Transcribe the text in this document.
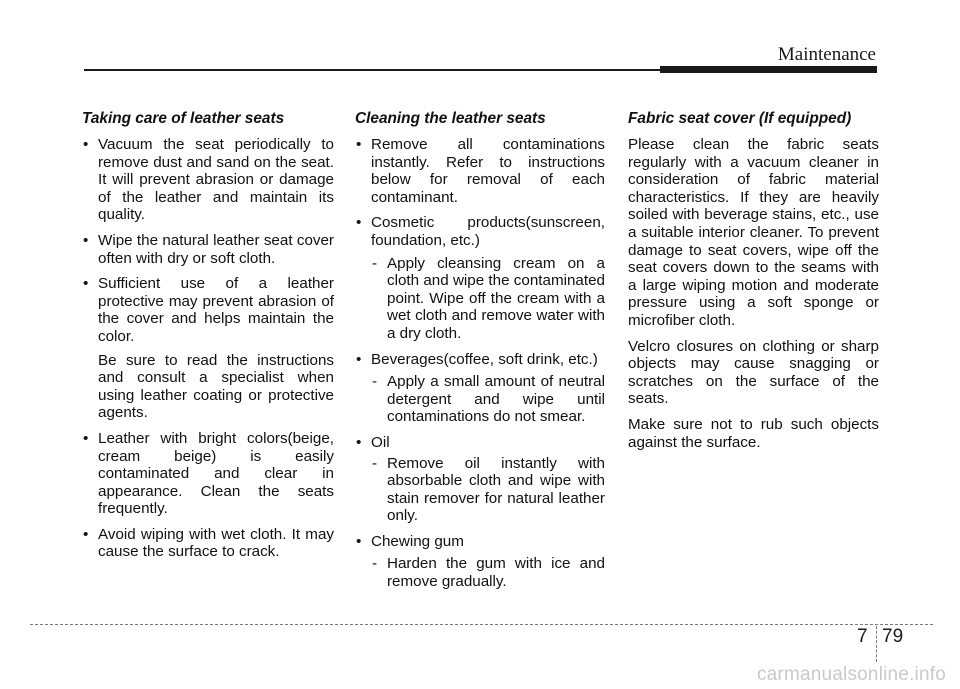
Maintenance
Taking care of leather seats
• Vacuum the seat periodically to remove dust and sand on the seat. It will prevent abrasion or damage of the leather and maintain its quality.
• Wipe the natural leather seat cover often with dry or soft cloth.
• Sufficient use of a leather protective may prevent abrasion of the cover and helps maintain the color.
Be sure to read the instructions and consult a specialist when using leather coating or protective agents.
• Leather with bright colors(beige, cream beige) is easily contaminated and clear in appearance. Clean the seats frequently.
• Avoid wiping with wet cloth. It may cause the surface to crack.
Cleaning the leather seats
• Remove all contaminations instantly. Refer to instructions below for removal of each contaminant.
• Cosmetic products(sunscreen, foundation, etc.)
- Apply cleansing cream on a cloth and wipe the contaminated point. Wipe off the cream with a wet cloth and remove water with a dry cloth.
• Beverages(coffee, soft drink, etc.)
- Apply a small amount of neutral detergent and wipe until contaminations do not smear.
• Oil
- Remove oil instantly with absorbable cloth and wipe with stain remover for natural leather only.
• Chewing gum
- Harden the gum with ice and remove gradually.
Fabric seat cover (If equipped)
Please clean the fabric seats regularly with a vacuum cleaner in consideration of fabric material characteristics. If they are heavily soiled with beverage stains, etc., use a suitable interior cleaner. To prevent damage to seat covers, wipe off the seat covers down to the seams with a large wiping motion and moderate pressure using a soft sponge or microfiber cloth.
Velcro closures on clothing or sharp objects may cause snagging or scratches on the surface of the seats.
Make sure not to rub such objects against the surface.
7 79
carmanualsonline.info
